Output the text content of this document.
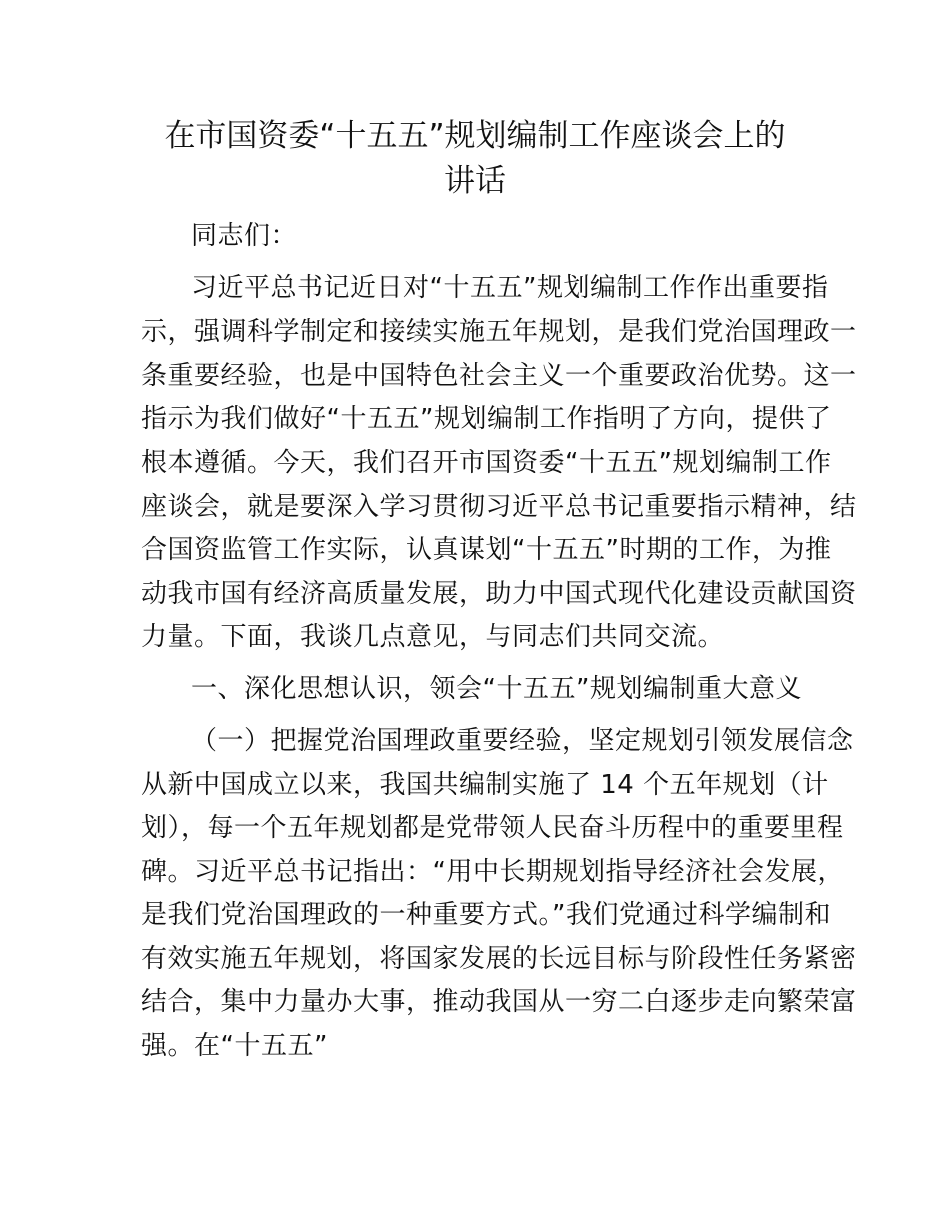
在市国资委“十五五”规划编制工作座谈会上的
讲话
同志们：
习近平总书记近日对“十五五”规划编制工作作出重要指
示，强调科学制定和接续实施五年规划，是我们党治国理政一
条重要经验，也是中国特色社会主义一个重要政治优势。这一
指示为我们做好“十五五”规划编制工作指明了方向，提供了
根本遵循。今天，我们召开市国资委“十五五”规划编制工作
座谈会，就是要深入学习贯彻习近平总书记重要指示精神，结
合国资监管工作实际，认真谋划“十五五”时期的工作，为推
动我市国有经济高质量发展，助力中国式现代化建设贡献国资
力量。下面，我谈几点意见，与同志们共同交流。
一、深化思想认识，领会“十五五”规划编制重大意义
（一）把握党治国理政重要经验，坚定规划引领发展信念
从新中国成立以来，我国共编制实施了 14 个五年规划（计
划），每一个五年规划都是党带领人民奋斗历程中的重要里程
碑。习近平总书记指出：“用中长期规划指导经济社会发展，
是我们党治国理政的一种重要方式。”我们党通过科学编制和
有效实施五年规划，将国家发展的长远目标与阶段性任务紧密
结合，集中力量办大事，推动我国从一穷二白逐步走向繁荣富
强。在“十五五”
